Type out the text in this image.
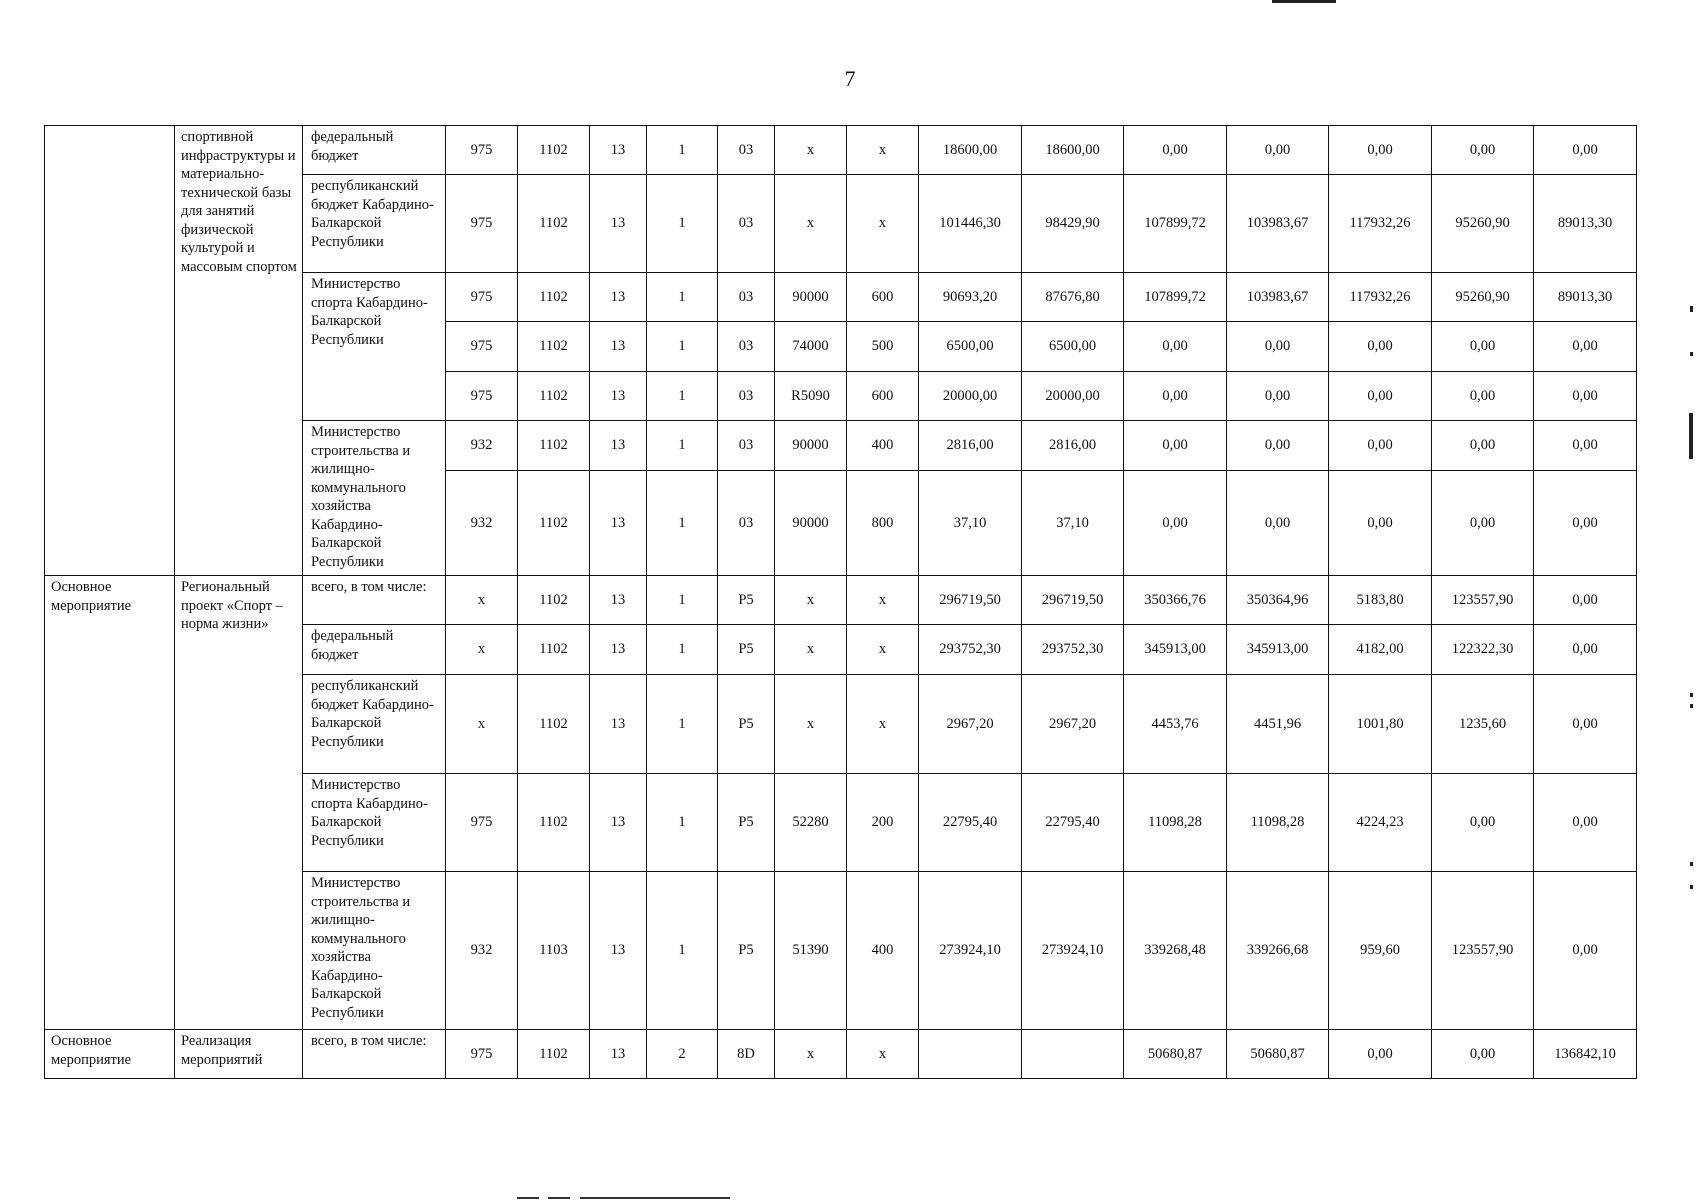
7
	спортивной инфраструктуры и материально-технической базы для занятий физической культурой и массовым спортом	федеральный бюджет	975	1102	13	1	03	x	x	18600,00	18600,00	0,00	0,00	0,00	0,00	0,00
		республиканский бюджет Кабардино-Балкарской Республики	975	1102	13	1	03	x	x	101446,30	98429,90	107899,72	103983,67	117932,26	95260,90	89013,30
		Министерство спорта Кабардино-Балкарской Республики	975	1102	13	1	03	90000	600	90693,20	87676,80	107899,72	103983,67	117932,26	95260,90	89013,30
			975	1102	13	1	03	74000	500	6500,00	6500,00	0,00	0,00	0,00	0,00	0,00
			975	1102	13	1	03	R5090	600	20000,00	20000,00	0,00	0,00	0,00	0,00	0,00
		Министерство строительства и жилищно-коммунального хозяйства Кабардино-Балкарской Республики	932	1102	13	1	03	90000	400	2816,00	2816,00	0,00	0,00	0,00	0,00	0,00
			932	1102	13	1	03	90000	800	37,10	37,10	0,00	0,00	0,00	0,00	0,00
Основное мероприятие	Региональный проект «Спорт – норма жизни»	всего, в том числе:	x	1102	13	1	P5	x	x	296719,50	296719,50	350366,76	350364,96	5183,80	123557,90	0,00
		федеральный бюджет	x	1102	13	1	P5	x	x	293752,30	293752,30	345913,00	345913,00	4182,00	122322,30	0,00
		республиканский бюджет Кабардино-Балкарской Республики	x	1102	13	1	P5	x	x	2967,20	2967,20	4453,76	4451,96	1001,80	1235,60	0,00
		Министерство спорта Кабардино-Балкарской Республики	975	1102	13	1	P5	52280	200	22795,40	22795,40	11098,28	11098,28	4224,23	0,00	0,00
		Министерство строительства и жилищно-коммунального хозяйства Кабардино-Балкарской Республики	932	1103	13	1	P5	51390	400	273924,10	273924,10	339268,48	339266,68	959,60	123557,90	0,00
Основное мероприятие	Реализация мероприятий	всего, в том числе:	975	1102	13	2	8D	x	x			50680,87	50680,87	0,00	0,00	136842,10
